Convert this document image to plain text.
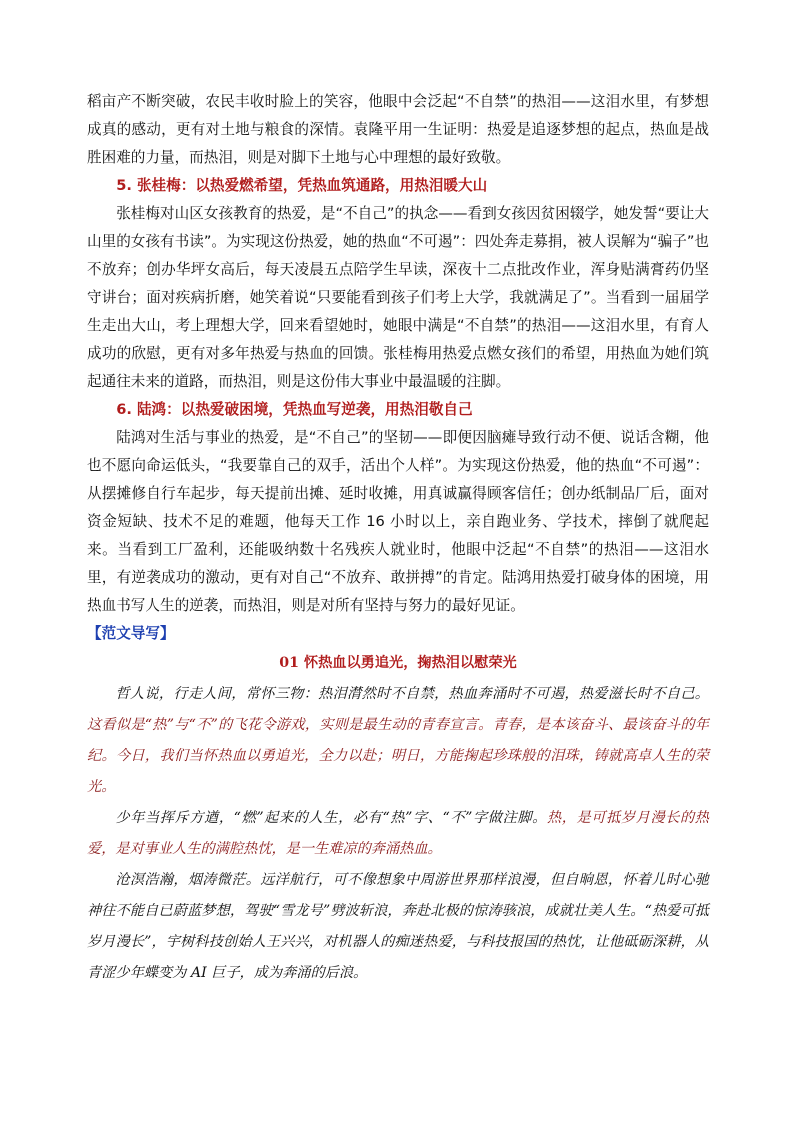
稻亩产不断突破，农民丰收时脸上的笑容，他眼中会泛起“不自禁”的热泪——这泪水里，有梦想成真的感动，更有对土地与粮食的深情。袁隆平用一生证明：热爱是追逐梦想的起点，热血是战胜困难的力量，而热泪，则是对脚下土地与心中理想的最好致敬。

5. 张桂梅：以热爱燃希望，凭热血筑通路，用热泪暖大山

张桂梅对山区女孩教育的热爱，是“不自己”的执念——看到女孩因贫困辍学，她发誓“要让大山里的女孩有书读”。为实现这份热爱，她的热血“不可遏”：四处奔走募捐，被人误解为“骗子”也不放弃；创办华坪女高后，每天凌晨五点陪学生早读，深夜十二点批改作业，浑身贴满膏药仍坚守讲台；面对疾病折磨，她笑着说“只要能看到孩子们考上大学，我就满足了”。当看到一届届学生走出大山，考上理想大学，回来看望她时，她眼中满是“不自禁”的热泪——这泪水里，有育人成功的欣慰，更有对多年热爱与热血的回馈。张桂梅用热爱点燃女孩们的希望，用热血为她们筑起通往未来的道路，而热泪，则是这份伟大事业中最温暖的注脚。

6. 陆鸿：以热爱破困境，凭热血写逆袭，用热泪敬自己

陆鸿对生活与事业的热爱，是“不自己”的坚韧——即便因脑瘫导致行动不便、说话含糊，他也不愿向命运低头，“我要靠自己的双手，活出个人样”。为实现这份热爱，他的热血“不可遏”：从摆摊修自行车起步，每天提前出摊、延时收摊，用真诚赢得顾客信任；创办纸制品厂后，面对资金短缺、技术不足的难题，他每天工作 16 小时以上，亲自跑业务、学技术，摔倒了就爬起来。当看到工厂盈利，还能吸纳数十名残疾人就业时，他眼中泛起“不自禁”的热泪——这泪水里，有逆袭成功的激动，更有对自己“不放弃、敢拼搏”的肯定。陆鸿用热爱打破身体的困境，用热血书写人生的逆袭，而热泪，则是对所有坚持与努力的最好见证。

【范文导写】

01 怀热血以勇追光，掬热泪以慰荣光

哲人说，行走人间，常怀三物：热泪潸然时不自禁，热血奔涌时不可遏，热爱滋长时不自己。这看似是“热”与“不”的飞花令游戏，实则是最生动的青春宣言。青春，是本该奋斗、最该奋斗的年纪。今日，我们当怀热血以勇追光，全力以赴；明日，方能掬起珍珠般的泪珠，铸就高卓人生的荣光。

少年当挥斥方遒，“燃”起来的人生，必有“热”字、“不”字做注脚。热，是可抵岁月漫长的热爱，是对事业人生的满腔热忱，是一生难凉的奔涌热血。

沧溟浩瀚，烟涛微茫。远洋航行，可不像想象中周游世界那样浪漫，但自晌恩，怀着儿时心驰神往不能自已蔚蓝梦想，驾驶“雪龙号”劈波斩浪，奔赴北极的惊涛骇浪，成就壮美人生。“热爱可抵岁月漫长”，宇树科技创始人王兴兴，对机器人的痴迷热爱，与科技报国的热忱，让他砥砺深耕，从青涩少年蝶变为 AI 巨子，成为奔涌的后浪。
